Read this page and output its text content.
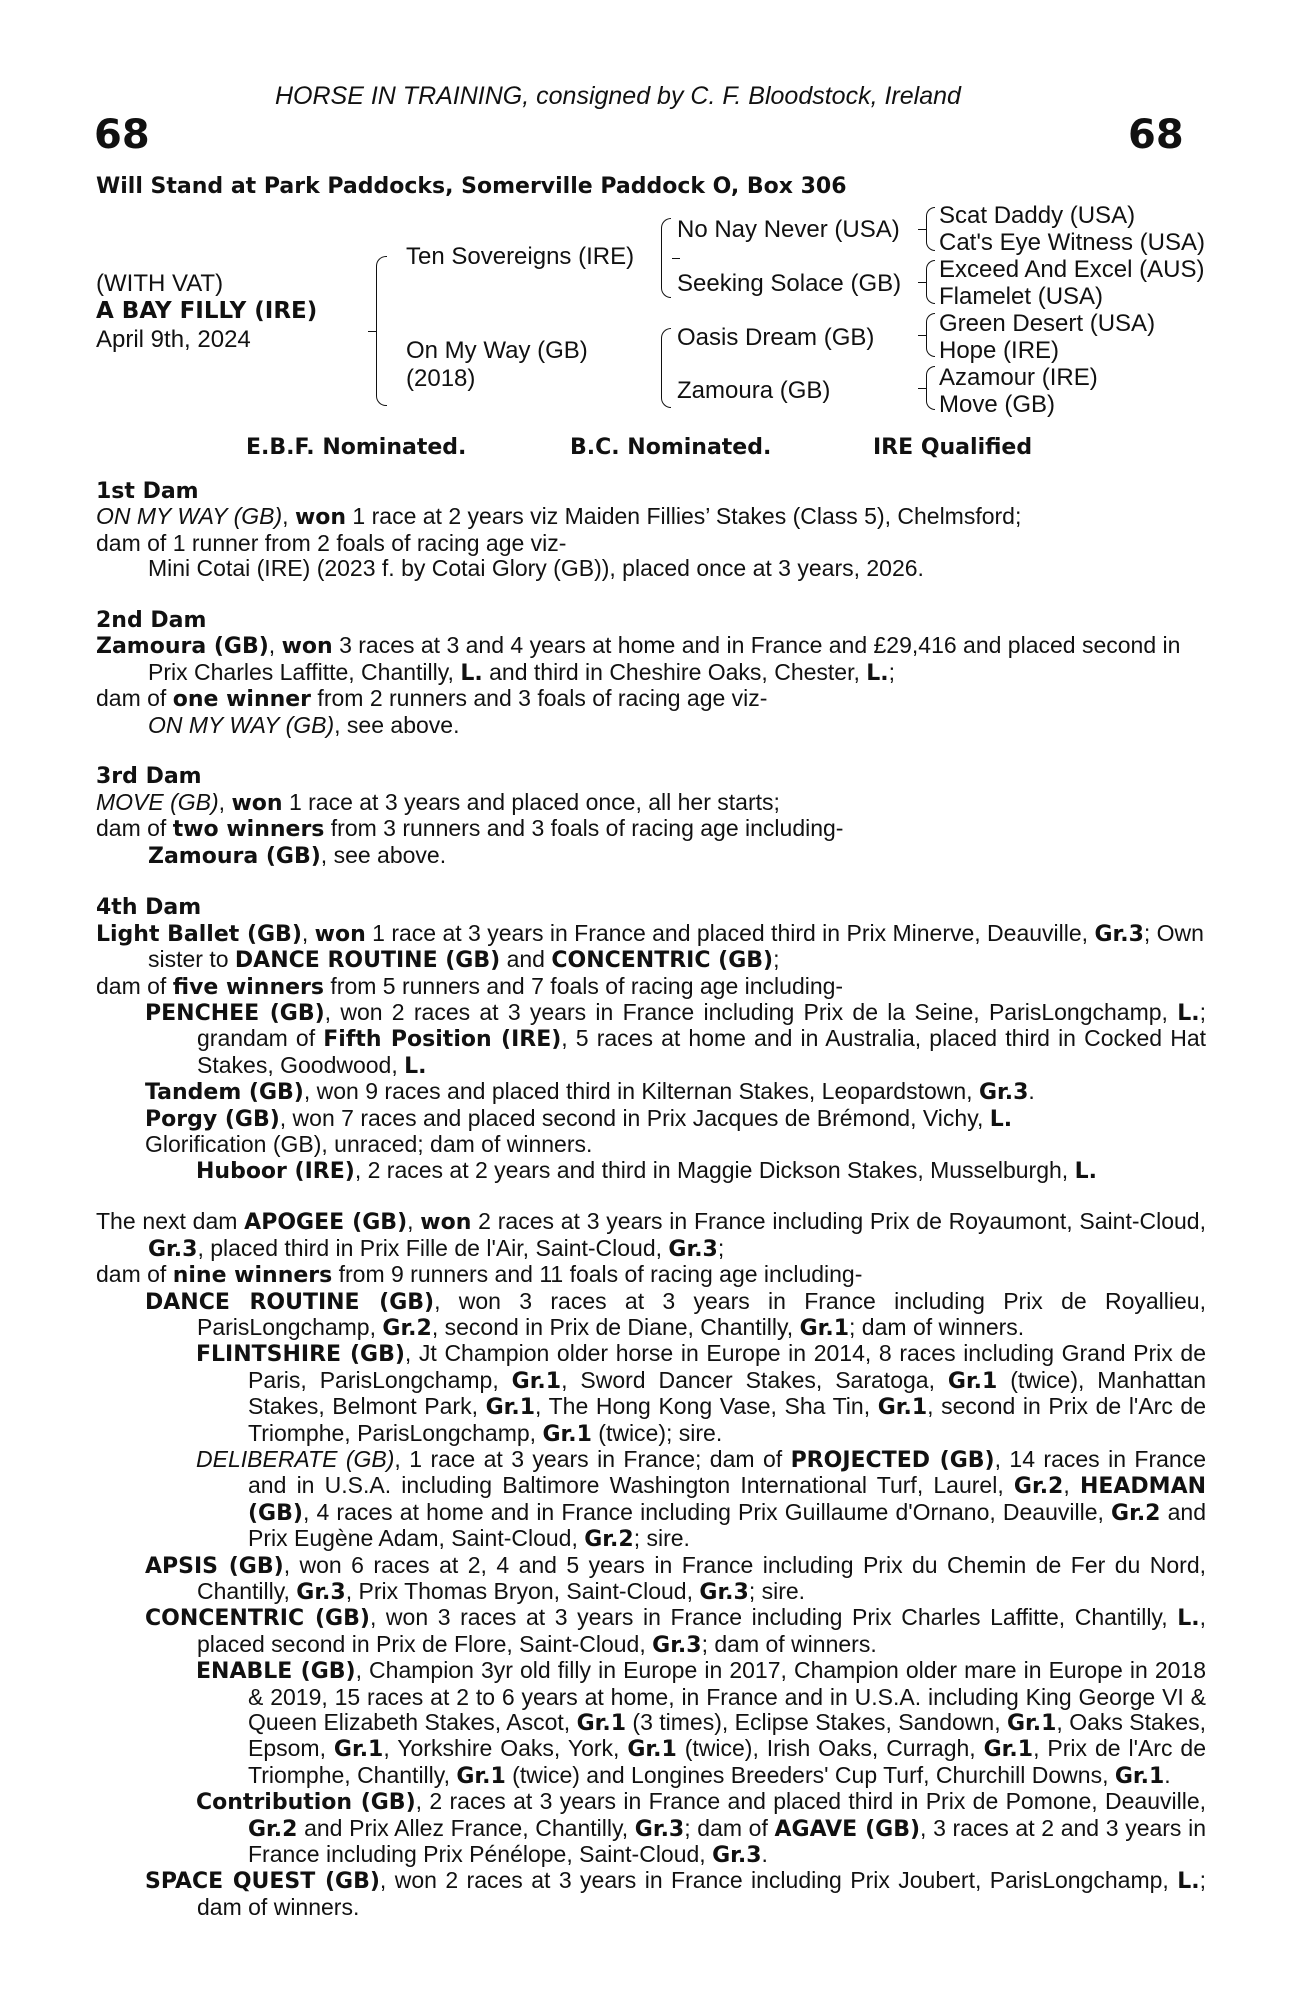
HORSE IN TRAINING, consigned by C. F. Bloodstock, Ireland
68	68
Will Stand at Park Paddocks, Somerville Paddock O, Box 306
(WITH VAT)
A BAY FILLY (IRE)
April 9th, 2024
Ten Sovereigns (IRE)
On My Way (GB)
(2018)
No Nay Never (USA)
Seeking Solace (GB)
Oasis Dream (GB)
Zamoura (GB)
Scat Daddy (USA)
Cat's Eye Witness (USA)
Exceed And Excel (AUS)
Flamelet (USA)
Green Desert (USA)
Hope (IRE)
Azamour (IRE)
Move (GB)
E.B.F. Nominated.	B.C. Nominated.	IRE Qualified

1st Dam

ON MY WAY (GB), won 1 race at 2 years viz Maiden Fillies’ Stakes (Class 5), Chelmsford;

dam of 1 runner from 2 foals of racing age viz-

Mini Cotai (IRE) (2023 f. by Cotai Glory (GB)), placed once at 3 years, 2026.

2nd Dam

Zamoura (GB), won 3 races at 3 and 4 years at home and in France and £29,416 and placed second in Prix Charles Laffitte, Chantilly, L. and third in Cheshire Oaks, Chester, L.;

dam of one winner from 2 runners and 3 foals of racing age viz-

ON MY WAY (GB), see above.

3rd Dam

MOVE (GB), won 1 race at 3 years and placed once, all her starts;

dam of two winners from 3 runners and 3 foals of racing age including-

Zamoura (GB), see above.

4th Dam

Light Ballet (GB), won 1 race at 3 years in France and placed third in Prix Minerve, Deauville, Gr.3; Own sister to DANCE ROUTINE (GB) and CONCENTRIC (GB);

dam of five winners from 5 runners and 7 foals of racing age including-

PENCHEE (GB), won 2 races at 3 years in France including Prix de la Seine, ParisLongchamp, L.; grandam of Fifth Position (IRE), 5 races at home and in Australia, placed third in Cocked Hat Stakes, Goodwood, L.

Tandem (GB), won 9 races and placed third in Kilternan Stakes, Leopardstown, Gr.3.

Porgy (GB), won 7 races and placed second in Prix Jacques de Brémond, Vichy, L.

Glorification (GB), unraced; dam of winners.

Huboor (IRE), 2 races at 2 years and third in Maggie Dickson Stakes, Musselburgh, L.

The next dam APOGEE (GB), won 2 races at 3 years in France including Prix de Royaumont, Saint-Cloud, Gr.3, placed third in Prix Fille de l'Air, Saint-Cloud, Gr.3;

dam of nine winners from 9 runners and 11 foals of racing age including-

DANCE ROUTINE (GB), won 3 races at 3 years in France including Prix de Royallieu, ParisLongchamp, Gr.2, second in Prix de Diane, Chantilly, Gr.1; dam of winners.

FLINTSHIRE (GB), Jt Champion older horse in Europe in 2014, 8 races including Grand Prix de Paris, ParisLongchamp, Gr.1, Sword Dancer Stakes, Saratoga, Gr.1 (twice), Manhattan Stakes, Belmont Park, Gr.1, The Hong Kong Vase, Sha Tin, Gr.1, second in Prix de l'Arc de Triomphe, ParisLongchamp, Gr.1 (twice); sire.

DELIBERATE (GB), 1 race at 3 years in France; dam of PROJECTED (GB), 14 races in France and in U.S.A. including Baltimore Washington International Turf, Laurel, Gr.2, HEADMAN (GB), 4 races at home and in France including Prix Guillaume d'Ornano, Deauville, Gr.2 and Prix Eugène Adam, Saint-Cloud, Gr.2; sire.

APSIS (GB), won 6 races at 2, 4 and 5 years in France including Prix du Chemin de Fer du Nord, Chantilly, Gr.3, Prix Thomas Bryon, Saint-Cloud, Gr.3; sire.

CONCENTRIC (GB), won 3 races at 3 years in France including Prix Charles Laffitte, Chantilly, L., placed second in Prix de Flore, Saint-Cloud, Gr.3; dam of winners.

ENABLE (GB), Champion 3yr old filly in Europe in 2017, Champion older mare in Europe in 2018 & 2019, 15 races at 2 to 6 years at home, in France and in U.S.A. including King George VI & Queen Elizabeth Stakes, Ascot, Gr.1 (3 times), Eclipse Stakes, Sandown, Gr.1, Oaks Stakes, Epsom, Gr.1, Yorkshire Oaks, York, Gr.1 (twice), Irish Oaks, Curragh, Gr.1, Prix de l'Arc de Triomphe, Chantilly, Gr.1 (twice) and Longines Breeders' Cup Turf, Churchill Downs, Gr.1.

Contribution (GB), 2 races at 3 years in France and placed third in Prix de Pomone, Deauville, Gr.2 and Prix Allez France, Chantilly, Gr.3; dam of AGAVE (GB), 3 races at 2 and 3 years in France including Prix Pénélope, Saint-Cloud, Gr.3.

SPACE QUEST (GB), won 2 races at 3 years in France including Prix Joubert, ParisLongchamp, L.; dam of winners.
